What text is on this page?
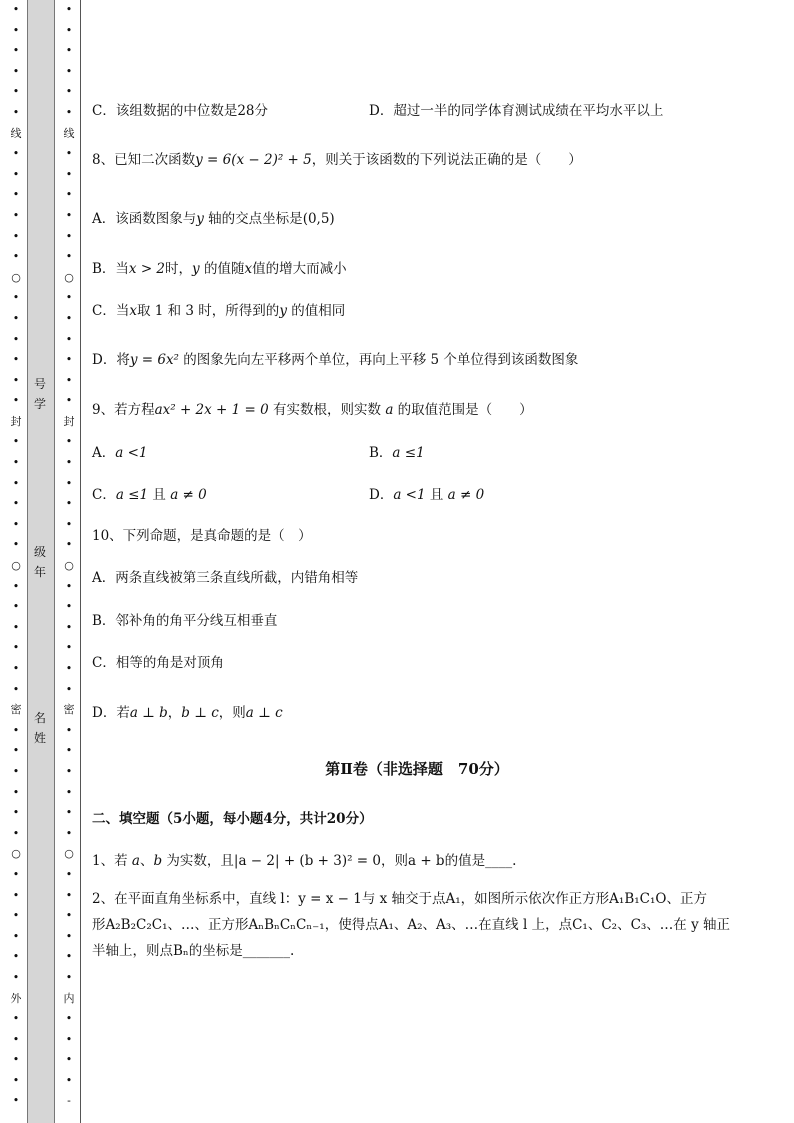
•
•
•
•
•
•
线
•
•
•
•
•
•
○
•
•
•
•
•
•
封
•
•
•
•
•
•
○
•
•
•
•
•
•
密
•
•
•
•
•
•
○
•
•
•
•
•
•
外
•
•
•
•
•
号
学
级
年
名
姓
•
•
•
•
•
•
线
•
•
•
•
•
•
○
•
•
•
•
•
•
封
•
•
•
•
•
•
○
•
•
•
•
•
•
密
•
•
•
•
•
•
○
•
•
•
•
•
•
内
•
•
•
•
-
C．该组数据的中位数是28分	D．超过一半的同学体育测试成绩在平均水平以上
8、已知二次函数y = 6(x − 2)² + 5，则关于该函数的下列说法正确的是（　　）
A．该函数图象与y 轴的交点坐标是(0,5)
B．当x > 2时，y 的值随x值的增大而减小
C．当x取 1 和 3 时，所得到的y 的值相同
D．将y = 6x² 的图象先向左平移两个单位，再向上平移 5 个单位得到该函数图象
9、若方程ax² + 2x + 1 = 0 有实数根，则实数 a 的取值范围是（　　）
A．a <1	B．a ≤1
C．a ≤1 且 a ≠ 0	D．a <1 且 a ≠ 0
10、下列命题，是真命题的是（　）
A．两条直线被第三条直线所截，内错角相等
B．邻补角的角平分线互相垂直
C．相等的角是对顶角
D．若a ⊥ b，b ⊥ c，则a ⊥ c
第Ⅱ卷（非选择题　70分）
二、填空题（5小题，每小题4分，共计20分）
1、若 a、b 为实数，且|a − 2| + (b + 3)² = 0，则a + b的值是____.
2、在平面直角坐标系中，直线 l：y = x − 1与 x 轴交于点A₁，如图所示依次作正方形A₁B₁C₁O、正方
形A₂B₂C₂C₁、…、正方形AₙBₙCₙCₙ₋₁，使得点A₁、A₂、A₃、…在直线 l 上，点C₁、C₂、C₃、…在 y 轴正
半轴上，则点Bₙ的坐标是_______.
